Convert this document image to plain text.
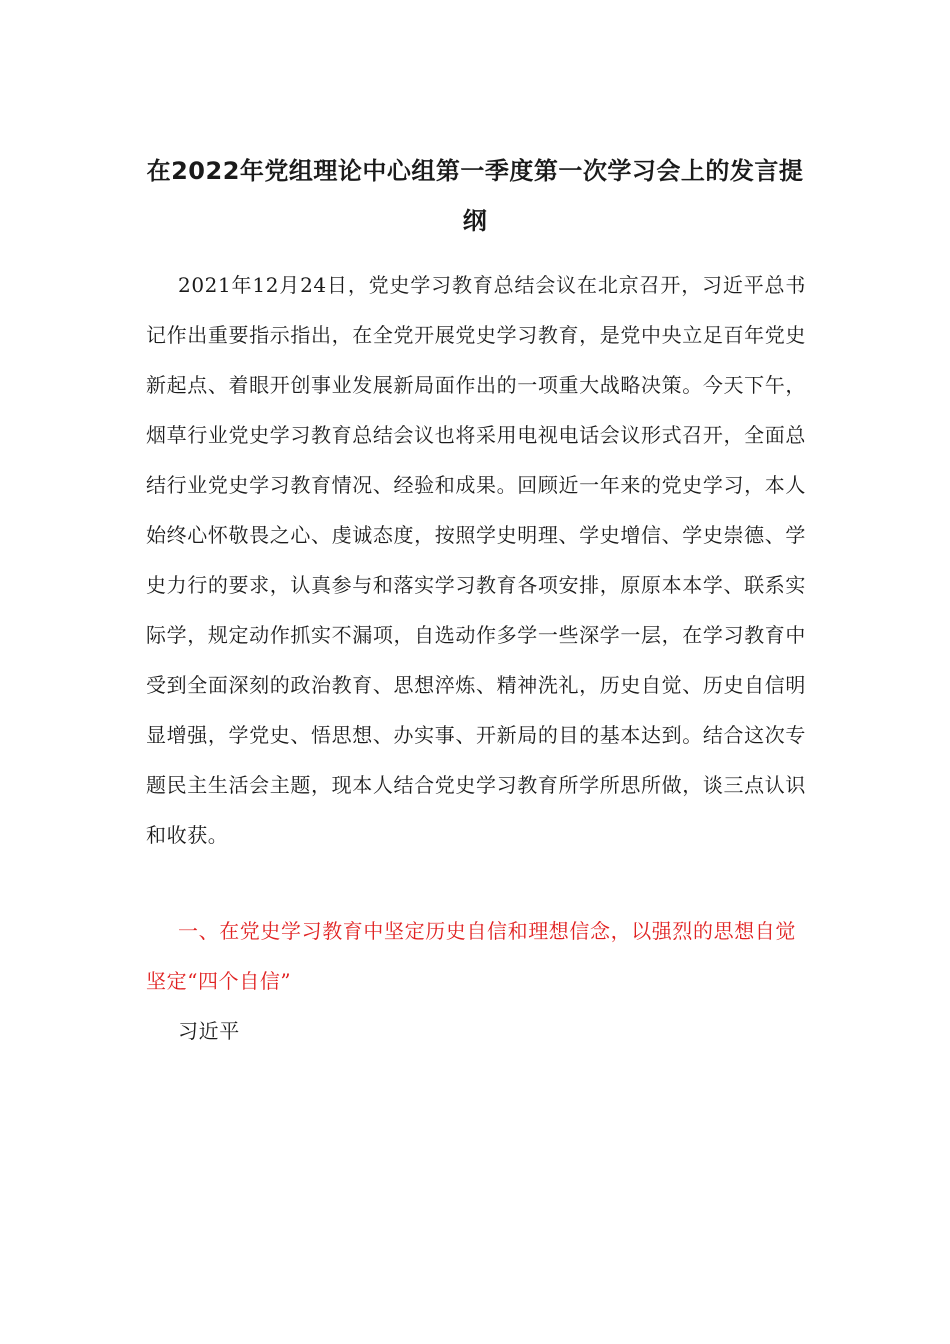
在2022年党组理论中心组第一季度第一次学习会上的发言提纲

2021年12月24日，党史学习教育总结会议在北京召开，习近平总书记作出重要指示指出，在全党开展党史学习教育，是党中央立足百年党史新起点、着眼开创事业发展新局面作出的一项重大战略决策。今天下午，烟草行业党史学习教育总结会议也将采用电视电话会议形式召开，全面总结行业党史学习教育情况、经验和成果。回顾近一年来的党史学习，本人始终心怀敬畏之心、虔诚态度，按照学史明理、学史增信、学史崇德、学史力行的要求，认真参与和落实学习教育各项安排，原原本本学、联系实际学，规定动作抓实不漏项，自选动作多学一些深学一层，在学习教育中受到全面深刻的政治教育、思想淬炼、精神洗礼，历史自觉、历史自信明显增强，学党史、悟思想、办实事、开新局的目的基本达到。结合这次专题民主生活会主题，现本人结合党史学习教育所学所思所做，谈三点认识和收获。

一、在党史学习教育中坚定历史自信和理想信念，以强烈的思想自觉坚定“四个自信”

习近平
